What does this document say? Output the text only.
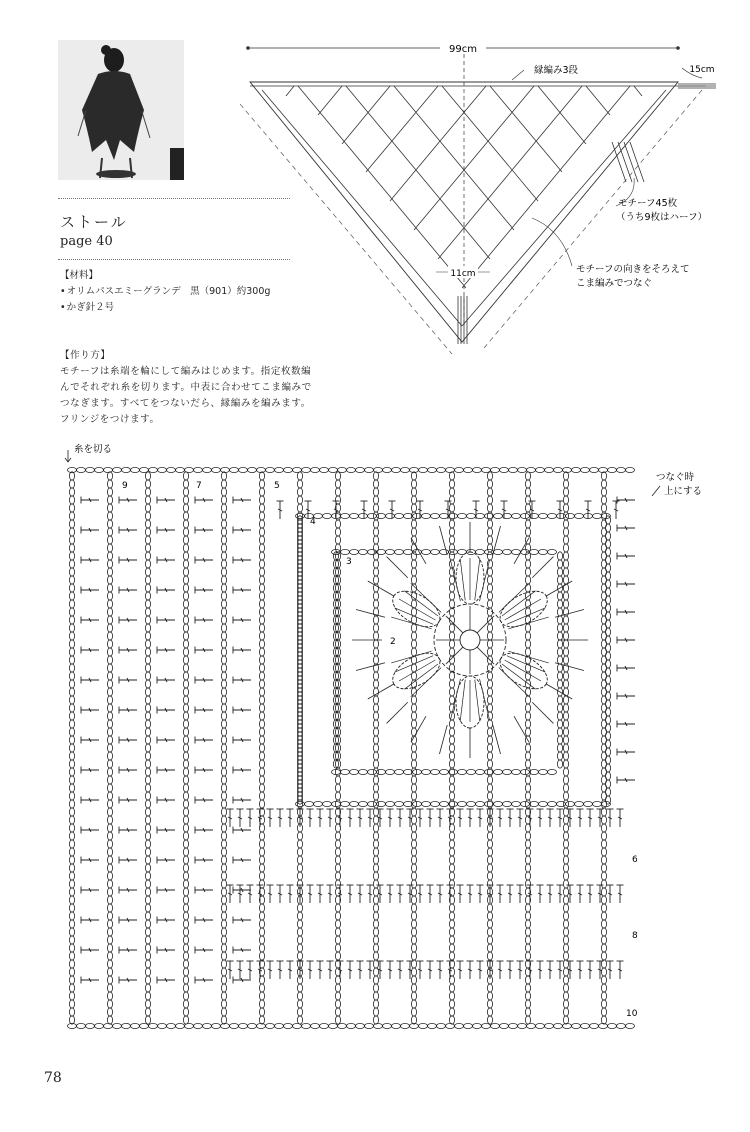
ストール
page 40
【材料】
• オリムパスエミーグランデ　黒（901）約300g
• かぎ針２号
【作り方】
モチーフは糸端を輪にして編みはじめます。指定枚数編んでそれぞれ糸を切ります。中表に合わせてこま編みでつなぎます。すべてをつないだら、縁編みを編みます。フリンジをつけます。
99cm
15cm
11cm
縁編み3段
モチーフ45枚
（うち9枚はハーフ）
モチーフの向きをそろえて
こま編みでつなぐ
糸を切る
つなぐ時
上にする
2
3
4
5
6
7
8
9
10
78
